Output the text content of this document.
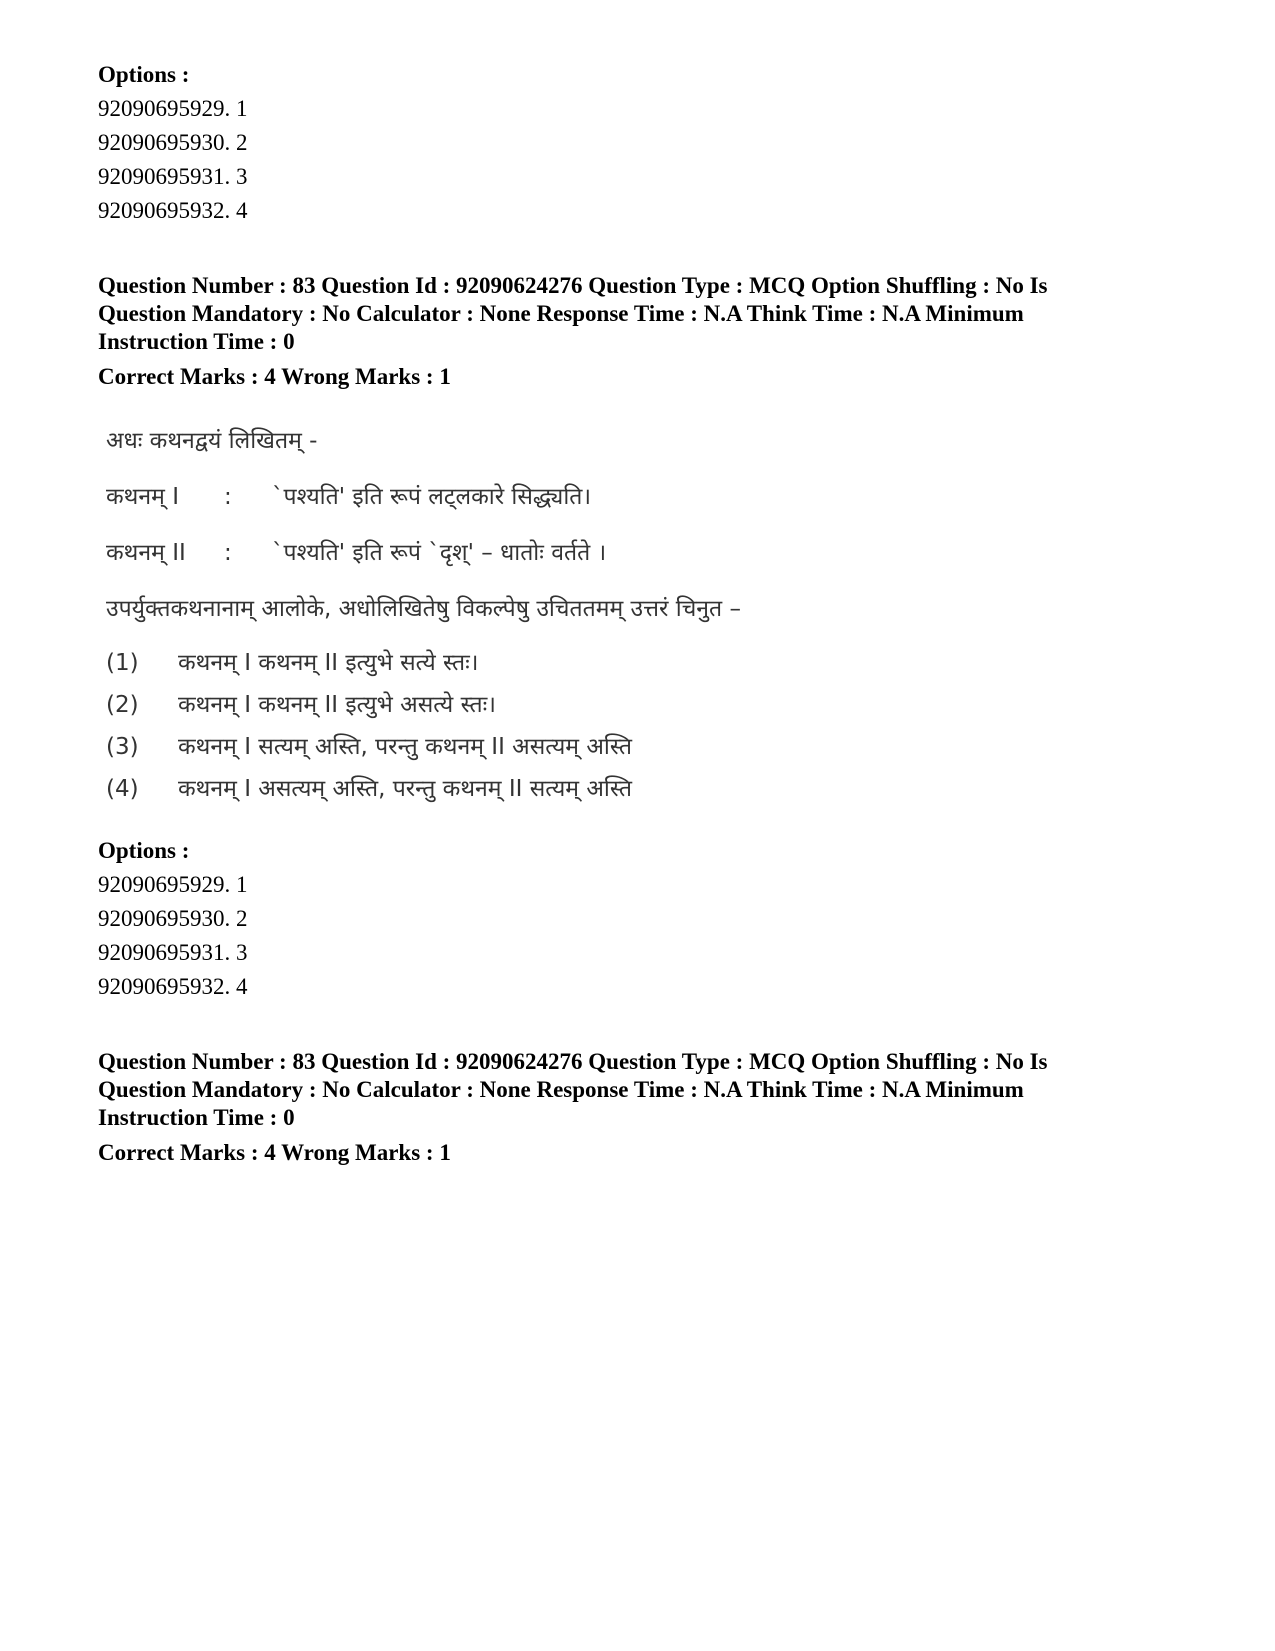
Options :
92090695929. 1
92090695930. 2
92090695931. 3
92090695932. 4
Question Number : 83 Question Id : 92090624276 Question Type : MCQ Option Shuffling : No Is
Question Mandatory : No Calculator : None Response Time : N.A Think Time : N.A Minimum
Instruction Time : 0
Correct Marks : 4 Wrong Marks : 1
अधः कथनद्वयं लिखितम् -
कथनम् I : `पश्यति' इति रूपं लट्लकारे सिद्ध्यति।
कथनम् II : `पश्यति' इति रूपं `दृश्' – धातोः वर्तते ।
उपर्युक्तकथनानाम् आलोके, अधोलिखितेषु विकल्पेषु उचिततमम् उत्तरं चिनुत –
(1) कथनम् I कथनम् II इत्युभे सत्ये स्तः।
(2) कथनम् I कथनम् II इत्युभे असत्ये स्तः।
(3) कथनम् I सत्यम् अस्ति, परन्तु कथनम् II असत्यम् अस्ति
(4) कथनम् I असत्यम् अस्ति, परन्तु कथनम् II सत्यम् अस्ति
Options :
92090695929. 1
92090695930. 2
92090695931. 3
92090695932. 4
Question Number : 83 Question Id : 92090624276 Question Type : MCQ Option Shuffling : No Is
Question Mandatory : No Calculator : None Response Time : N.A Think Time : N.A Minimum
Instruction Time : 0
Correct Marks : 4 Wrong Marks : 1
